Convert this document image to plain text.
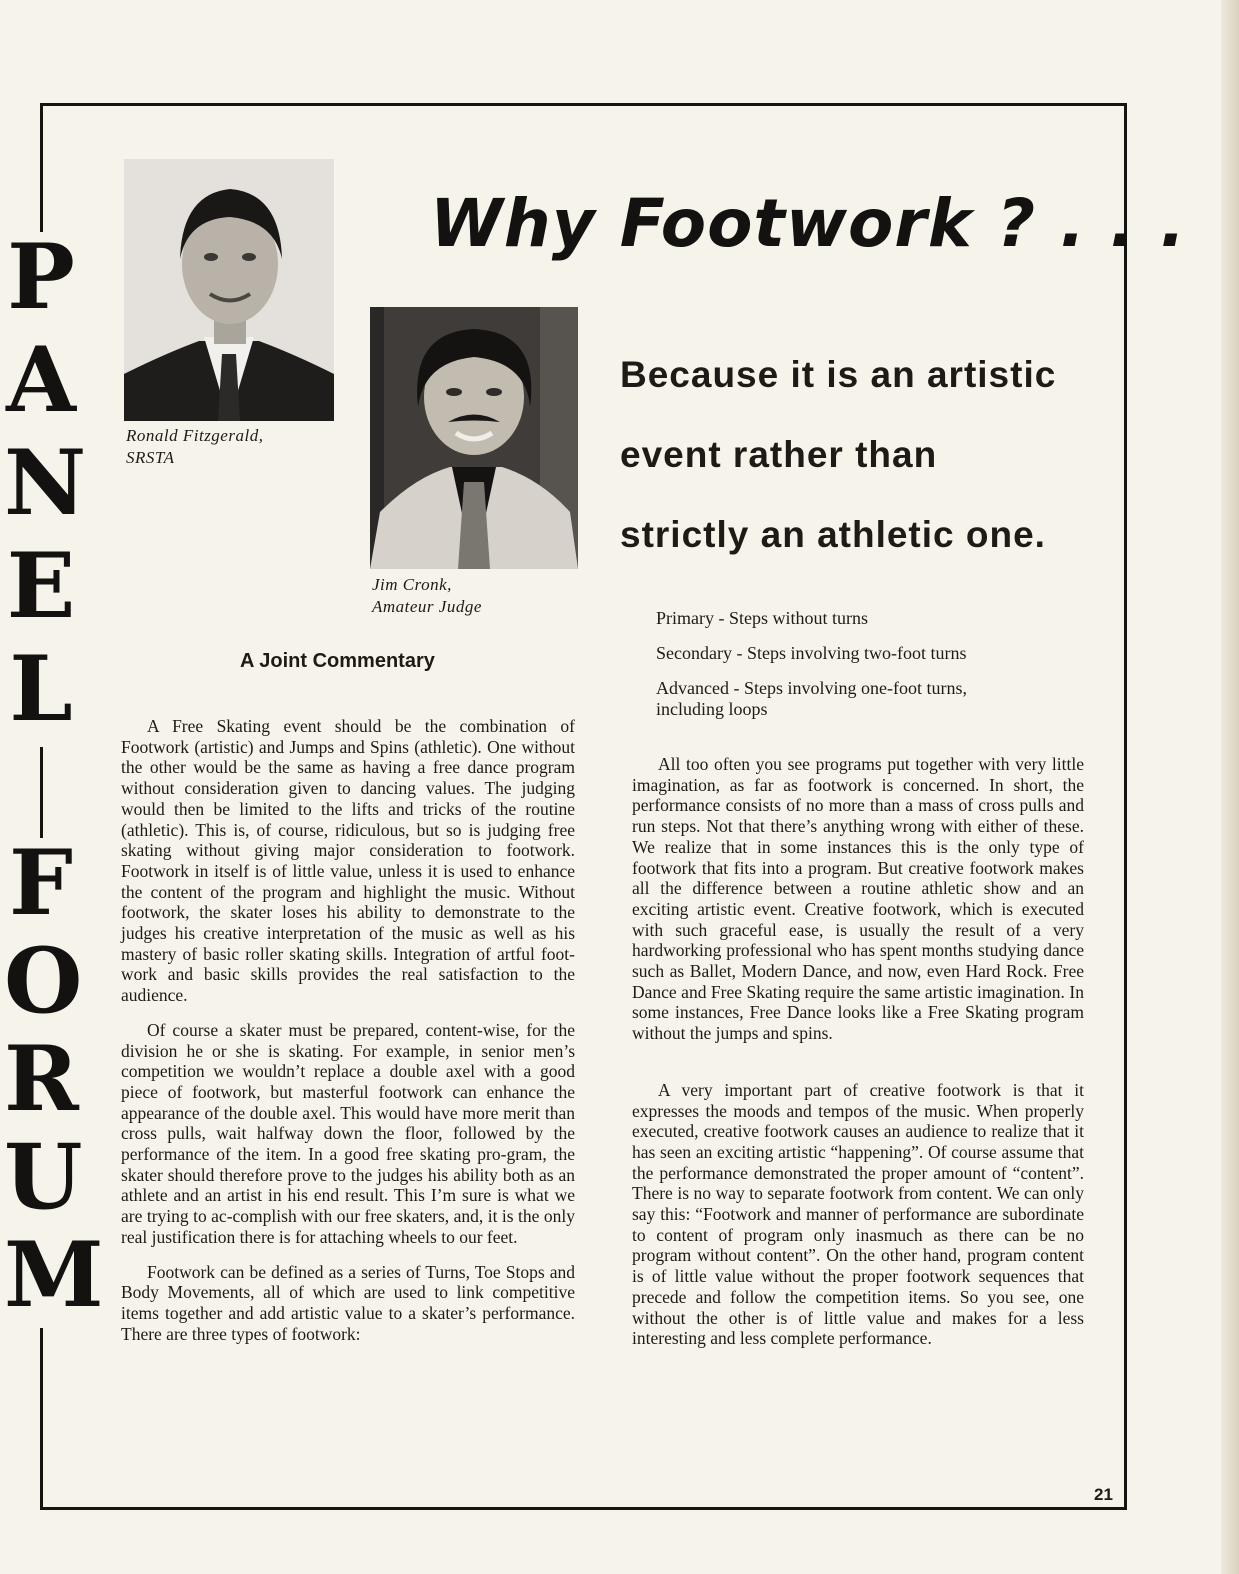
P
A
N
E
L
F
O
R
U
M
Ronald Fitzgerald,
SRSTA
Jim Cronk,
Amateur Judge
Why Footwork ? . . .
Because it is an artistic
event rather than
strictly an athletic one.
A Joint Commentary

A Free Skating event should be the combination of Footwork (artistic) and Jumps and Spins (athletic). One without the other would be the same as having a free dance program without consideration given to dancing values. The judging would then be limited to the lifts and tricks of the routine (athletic). This is, of course, ridiculous, but so is judging free skating without giving major consideration to footwork. Footwork in itself is of little value, unless it is used to enhance the content of the program and highlight the music. Without footwork, the skater loses his ability to demonstrate to the judges his creative interpretation of the music as well as his mastery of basic roller skating skills. Integration of artful foot-work and basic skills provides the real satisfaction to the audience.

Of course a skater must be prepared, content-wise, for the division he or she is skating. For example, in senior men’s competition we wouldn’t replace a double axel with a good piece of footwork, but masterful footwork can enhance the appearance of the double axel. This would have more merit than cross pulls, wait halfway down the floor, followed by the performance of the item. In a good free skating pro-gram, the skater should therefore prove to the judges his ability both as an athlete and an artist in his end result. This I’m sure is what we are trying to ac-complish with our free skaters, and, it is the only real justification there is for attaching wheels to our feet.

Footwork can be defined as a series of Turns, Toe Stops and Body Movements, all of which are used to link competitive items together and add artistic value to a skater’s performance. There are three types of footwork:

Primary - Steps without turns
Secondary - Steps involving two-foot turns
Advanced - Steps involving one-foot turns, including loops

All too often you see programs put together with very little imagination, as far as footwork is concerned. In short, the performance consists of no more than a mass of cross pulls and run steps. Not that there’s anything wrong with either of these. We realize that in some instances this is the only type of footwork that fits into a program. But creative footwork makes all the difference between a routine athletic show and an exciting artistic event. Creative footwork, which is executed with such graceful ease, is usually the result of a very hardworking professional who has spent months studying dance such as Ballet, Modern Dance, and now, even Hard Rock. Free Dance and Free Skating require the same artistic imagination. In some instances, Free Dance looks like a Free Skating program without the jumps and spins.

A very important part of creative footwork is that it expresses the moods and tempos of the music. When properly executed, creative footwork causes an audience to realize that it has seen an exciting artistic “happening”. Of course assume that the performance demonstrated the proper amount of “content”. There is no way to separate footwork from content. We can only say this: “Footwork and manner of performance are subordinate to content of program only inasmuch as there can be no program without content”. On the other hand, program content is of little value without the proper footwork sequences that precede and follow the competition items. So you see, one without the other is of little value and makes for a less interesting and less complete performance.

21
